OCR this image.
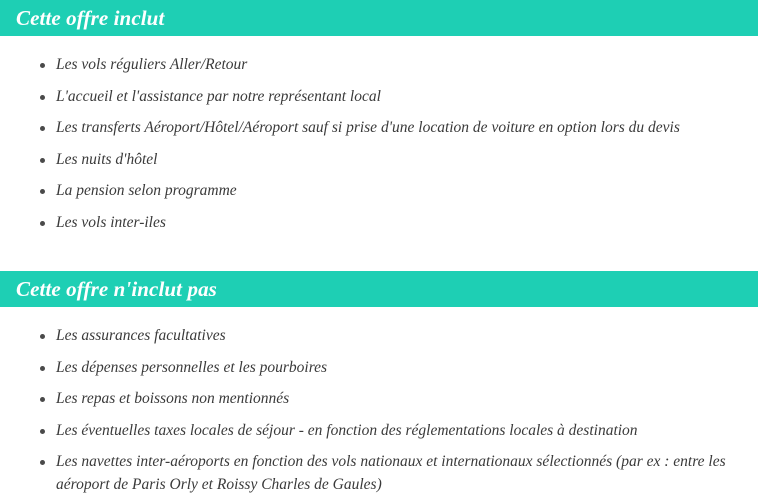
Cette offre inclut
Les vols réguliers Aller/Retour
L'accueil et l'assistance par notre représentant local
Les transferts Aéroport/Hôtel/Aéroport sauf si prise d'une location de voiture en option lors du devis
Les nuits d'hôtel
La pension selon programme
Les vols inter-iles
Cette offre n'inclut pas
Les assurances facultatives
Les dépenses personnelles et les pourboires
Les repas et boissons non mentionnés
Les éventuelles taxes locales de séjour - en fonction des réglementations locales à destination
Les navettes inter-aéroports en fonction des vols nationaux et internationaux sélectionnés (par ex : entre les aéroport de Paris Orly et Roissy Charles de Gaules)
